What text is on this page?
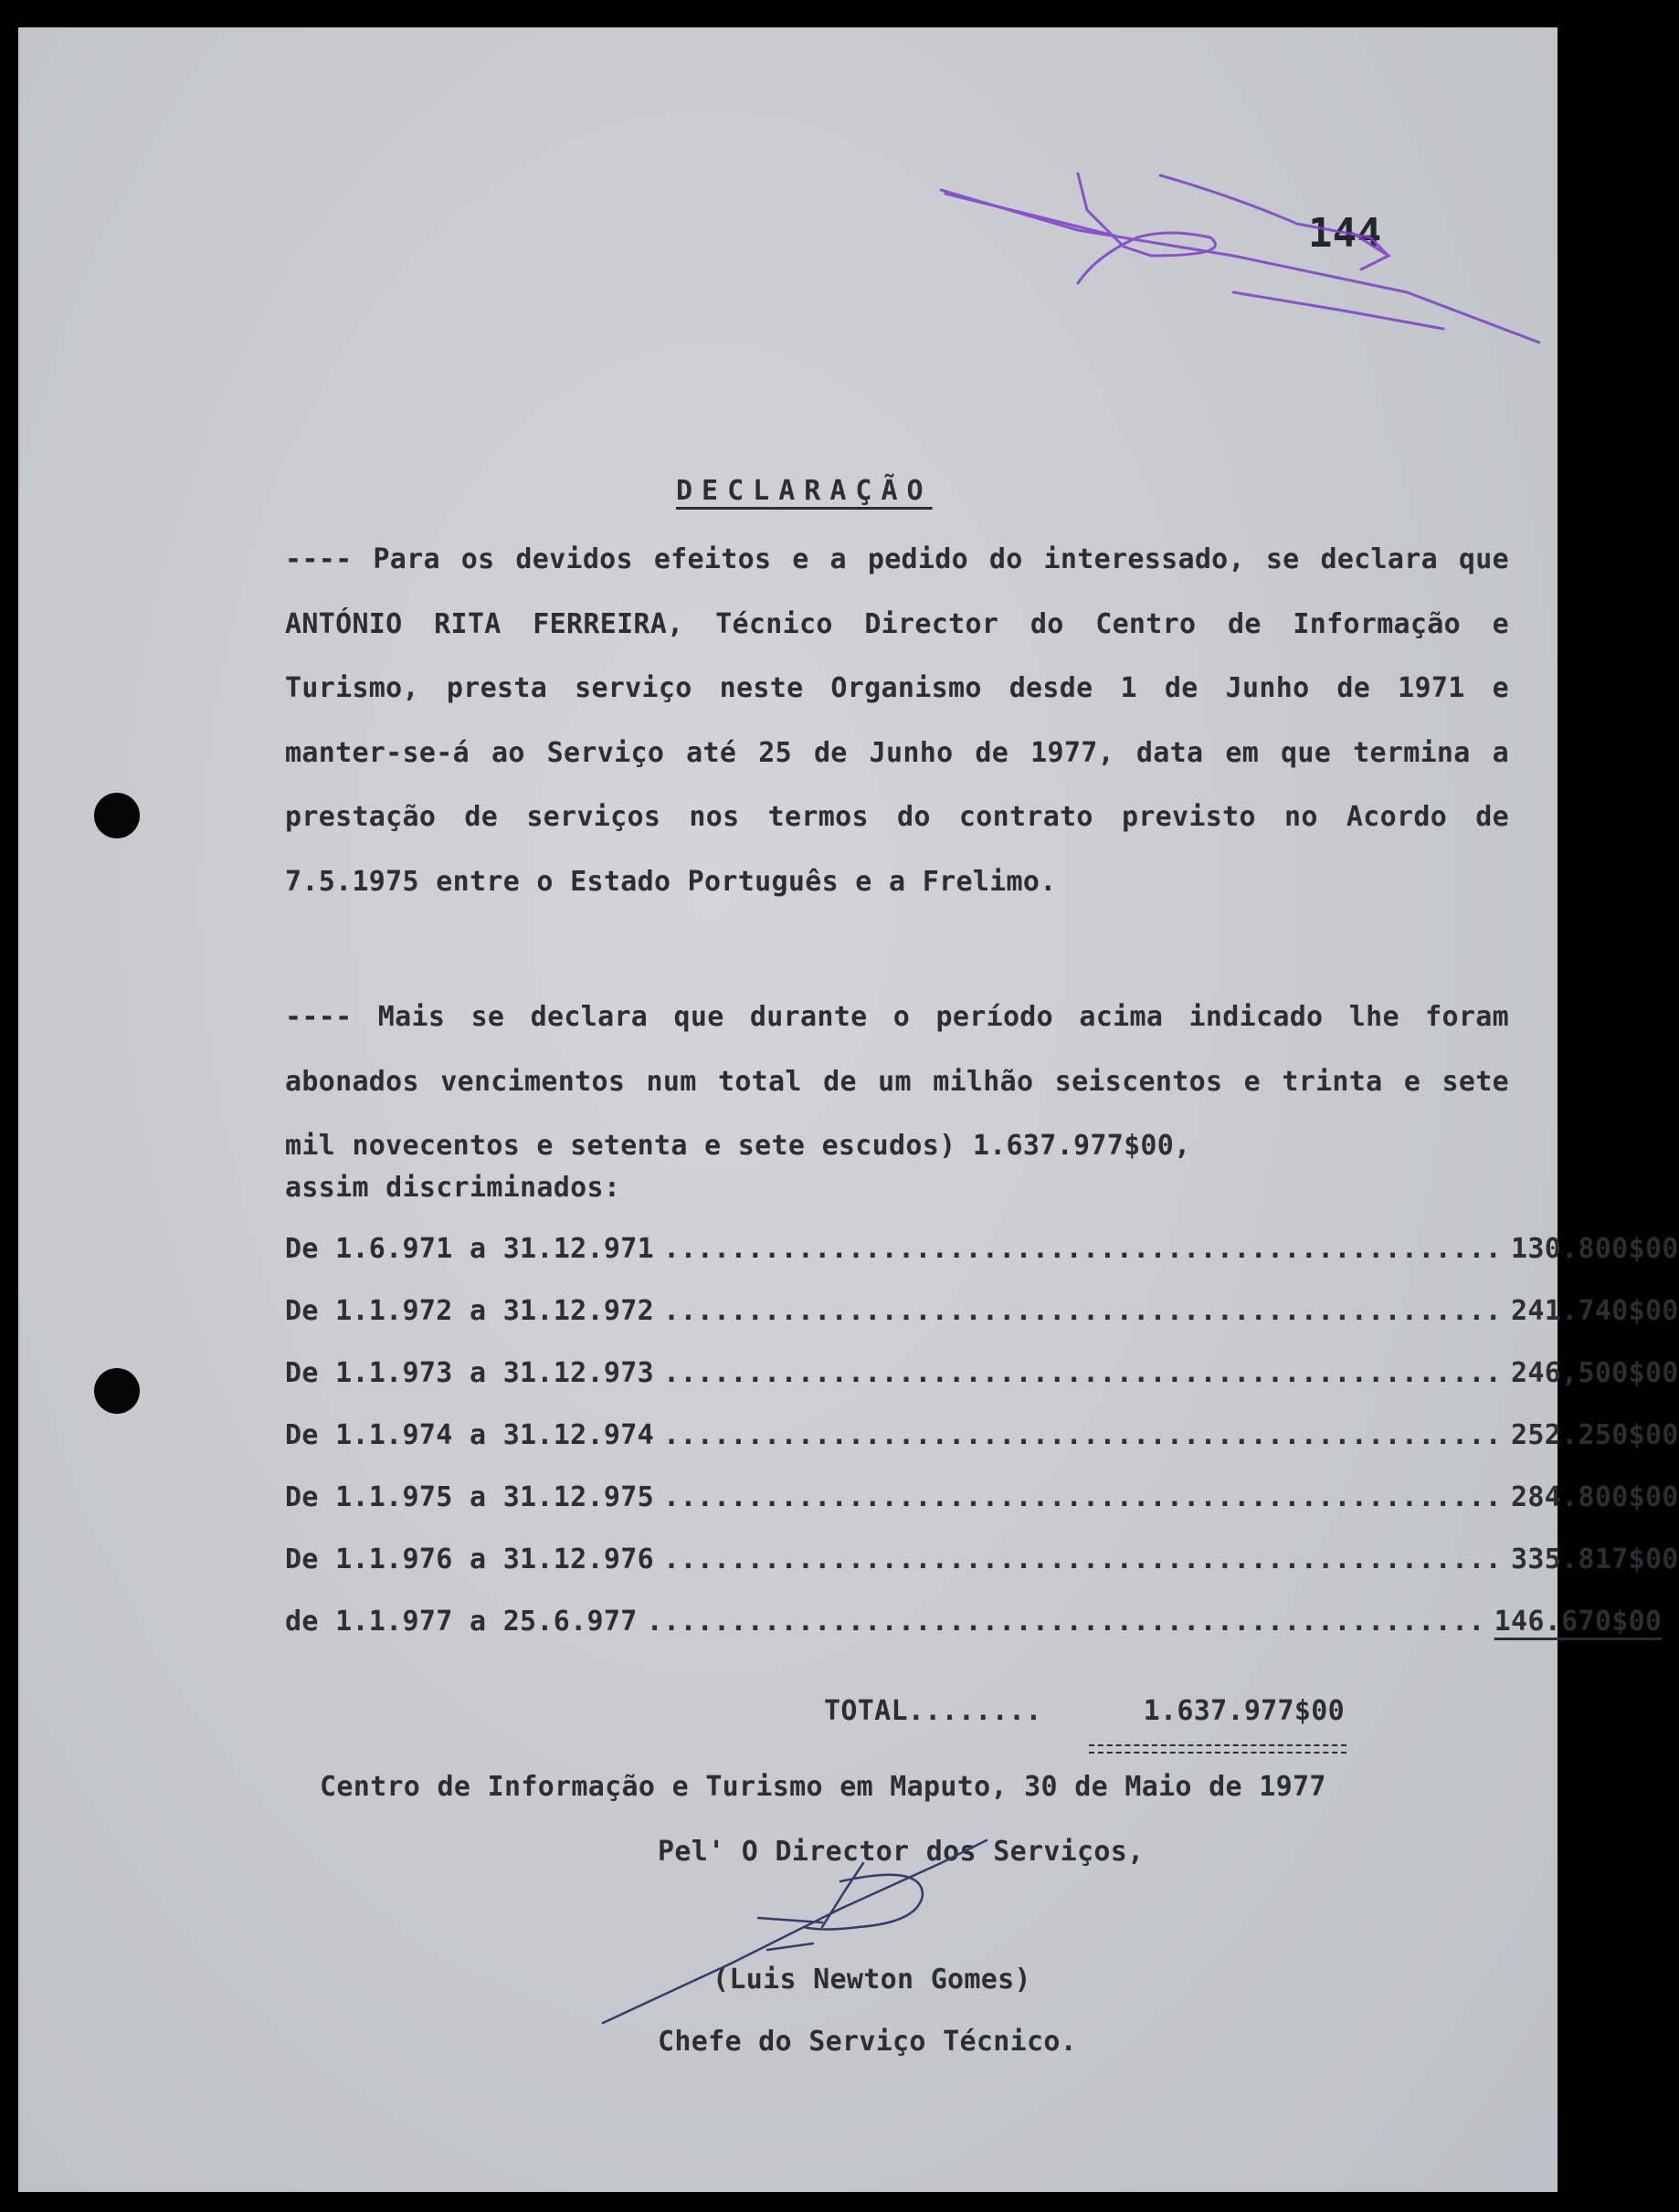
144
DECLARAÇÃO
---- Para os devidos efeitos e a pedido do interessado, se declara que ANTÓNIO RITA FERREIRA, Técnico Director do Centro de Informação e Turismo, presta serviço neste Organismo desde 1 de Junho de 1971 e manter-se-á ao Serviço até 25 de Junho de 1977, data em que termina a prestação de serviços nos termos do contrato previsto no Acordo de 7.5.1975 entre o Estado Português e a Frelimo.
---- Mais se declara que durante o período acima indicado lhe foram abonados vencimentos num total de um milhão seiscentos e trinta e sete mil novecentos e setenta e sete escudos) 1.637.977$00,
assim discriminados:
De 1.6.971 a 31.12.971 .................................................. 130.800$00
De 1.1.972 a 31.12.972 .................................................. 241.740$00
De 1.1.973 a 31.12.973 .................................................. 246,500$00
De 1.1.974 a 31.12.974 .................................................. 252.250$00
De 1.1.975 a 31.12.975 .................................................. 284.800$00
De 1.1.976 a 31.12.976 .................................................. 335.817$00
de 1.1.977 a 25.6.977 .................................................. 146.670$00
TOTAL........	1.637.977$00
Centro de Informação e Turismo em Maputo, 30 de Maio de 1977
Pel' O Director dos Serviços,
(Luis Newton Gomes)
Chefe do Serviço Técnico.
